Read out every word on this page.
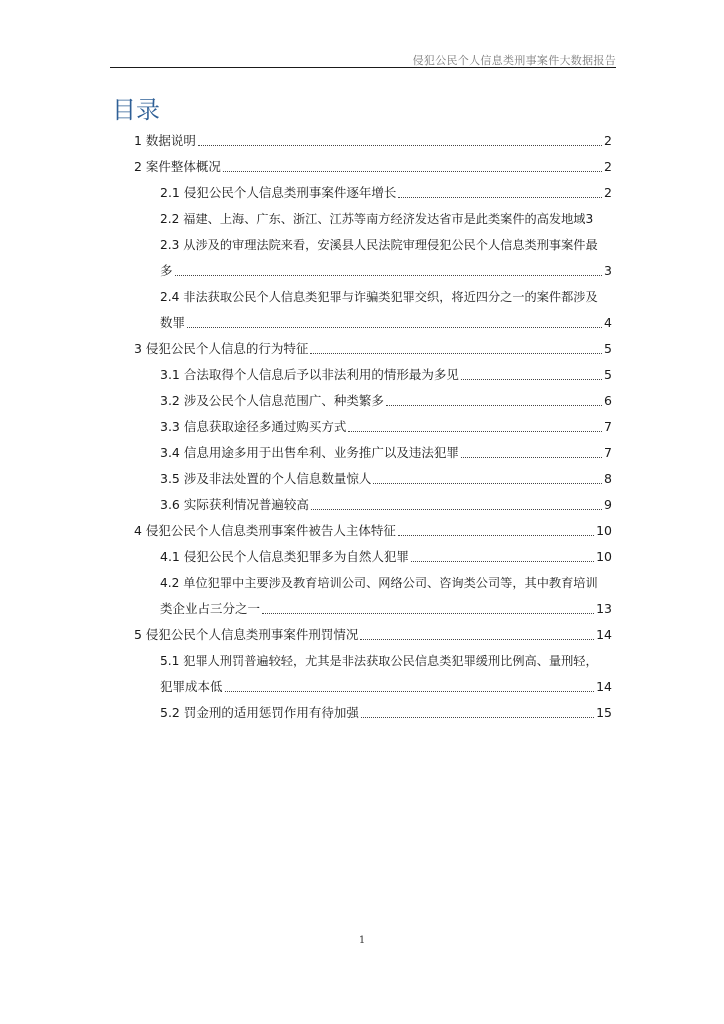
侵犯公民个人信息类刑事案件大数据报告
目录
1 数据说明	2
2 案件整体概况	2
2.1 侵犯公民个人信息类刑事案件逐年增长	2
2.2 福建、上海、广东、浙江、江苏等南方经济发达省市是此类案件的高发地域 3
2.3 从涉及的审理法院来看，安溪县人民法院审理侵犯公民个人信息类刑事案件最
多	3
2.4 非法获取公民个人信息类犯罪与诈骗类犯罪交织，将近四分之一的案件都涉及
数罪	4
3 侵犯公民个人信息的行为特征	5
3.1 合法取得个人信息后予以非法利用的情形最为多见	5
3.2 涉及公民个人信息范围广、种类繁多	6
3.3 信息获取途径多通过购买方式	7
3.4 信息用途多用于出售牟利、业务推广以及违法犯罪	7
3.5 涉及非法处置的个人信息数量惊人	8
3.6 实际获利情况普遍较高	9
4 侵犯公民个人信息类刑事案件被告人主体特征	10
4.1 侵犯公民个人信息类犯罪多为自然人犯罪	10
4.2 单位犯罪中主要涉及教育培训公司、网络公司、咨询类公司等，其中教育培训
类企业占三分之一	13
5 侵犯公民个人信息类刑事案件刑罚情况	14
5.1 犯罪人刑罚普遍较轻，尤其是非法获取公民信息类犯罪缓刑比例高、量刑轻，
犯罪成本低	14
5.2 罚金刑的适用惩罚作用有待加强	15
1
